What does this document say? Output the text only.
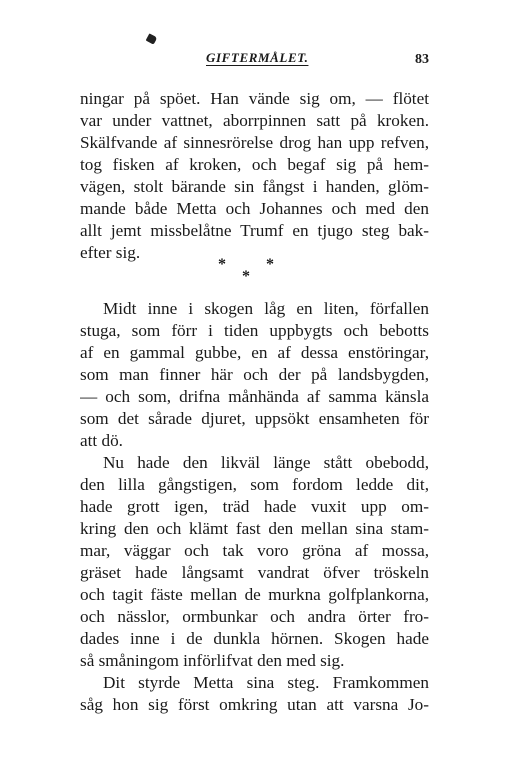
GIFTERMÅLET.	83
ningar på spöet. Han vände sig om, — flötet
var under vattnet, aborrpinnen satt på kroken.
Skälfvande af sinnesrörelse drog han upp refven,
tog fisken af kroken, och begaf sig på hem-
vägen, stolt bärande sin fångst i handen, glöm-
mande både Metta och Johannes och med den
allt jemt missbelåtne Trumf en tjugo steg bak-
efter sig.
*	*
*
Midt inne i skogen låg en liten, förfallen
stuga, som förr i tiden uppbygts och bebotts
af en gammal gubbe, en af dessa enstöringar,
som man finner här och der på landsbygden,
— och som, drifna månhända af samma känsla
som det sårade djuret, uppsökt ensamheten för
att dö.
Nu hade den likväl länge stått obebodd,
den lilla gångstigen, som fordom ledde dit,
hade grott igen, träd hade vuxit upp om-
kring den och klämt fast den mellan sina stam-
mar, väggar och tak voro gröna af mossa,
gräset hade långsamt vandrat öfver tröskeln
och tagit fäste mellan de murkna golfplankorna,
och nässlor, ormbunkar och andra örter fro-
dades inne i de dunkla hörnen. Skogen hade
så småningom införlifvat den med sig.
Dit styrde Metta sina steg. Framkommen
såg hon sig först omkring utan att varsna Jo-
